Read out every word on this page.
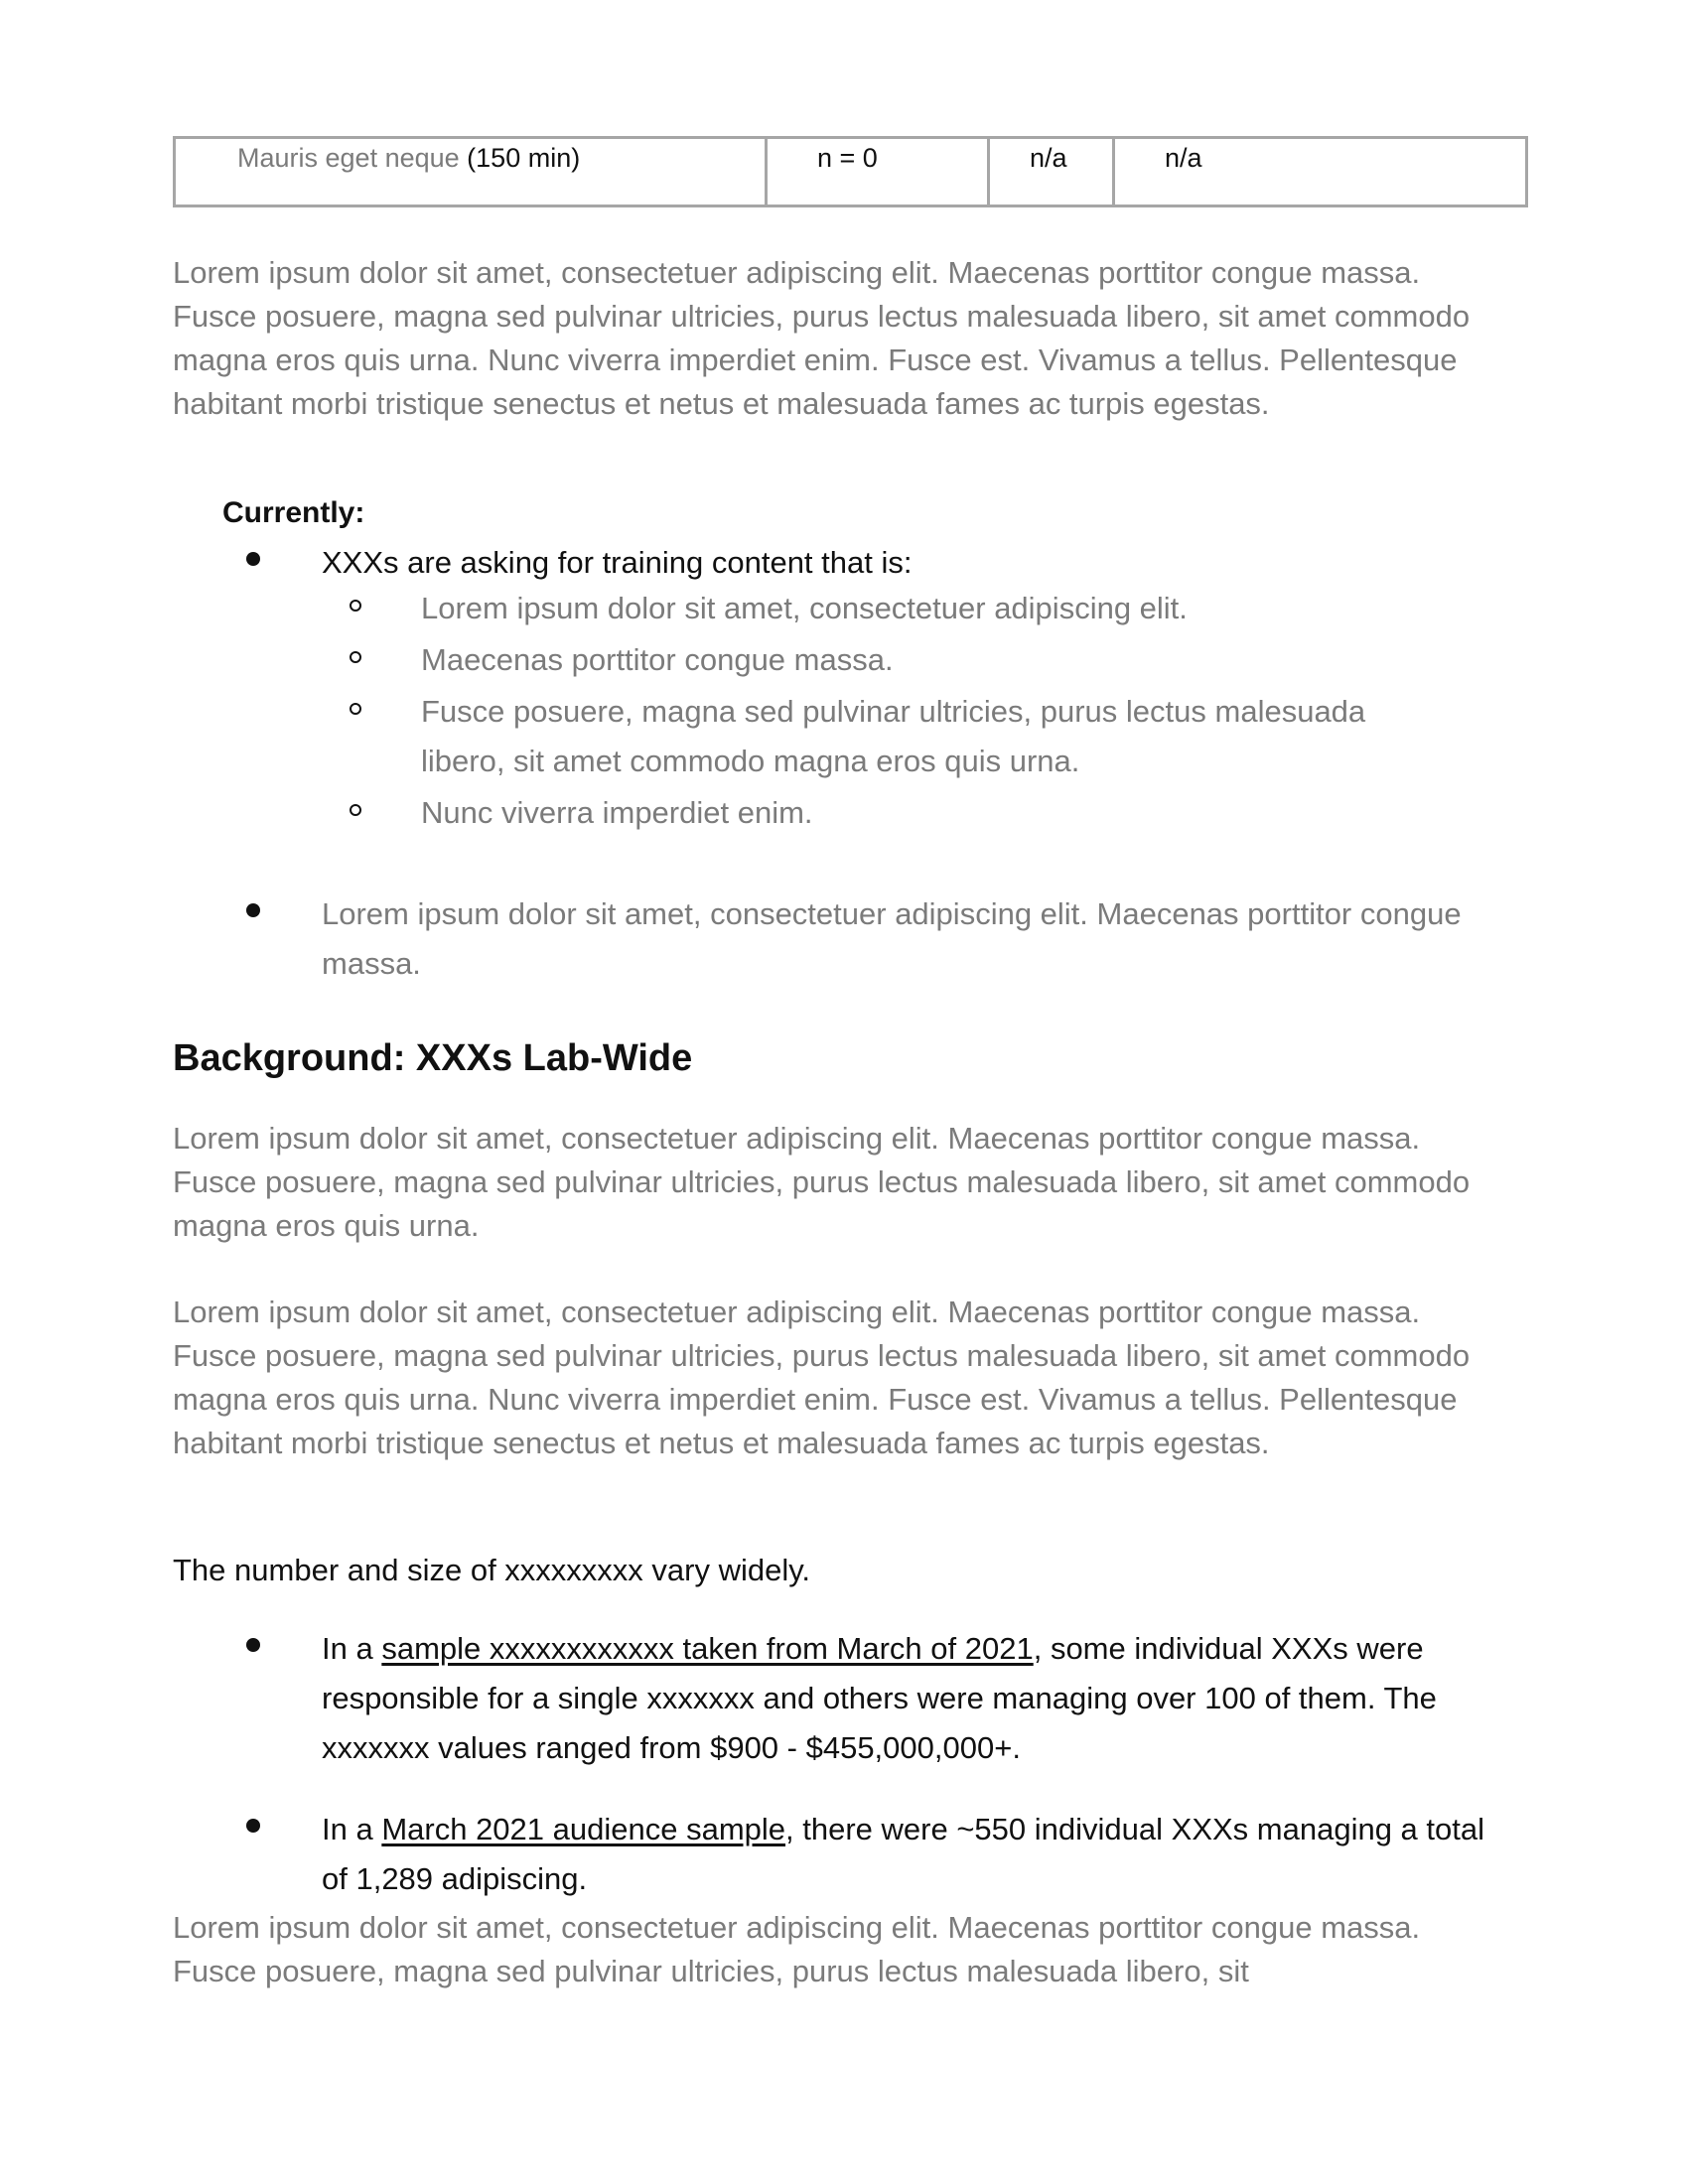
Mauris eget neque (150 min)	n = 0	n/a	n/a
Lorem ipsum dolor sit amet, consectetuer adipiscing elit. Maecenas porttitor congue massa. Fusce posuere, magna sed pulvinar ultricies, purus lectus malesuada libero, sit amet commodo magna eros quis urna. Nunc viverra imperdiet enim. Fusce est. Vivamus a tellus. Pellentesque habitant morbi tristique senectus et netus et malesuada fames ac turpis egestas.
Currently:
XXXs are asking for training content that is:
Lorem ipsum dolor sit amet, consectetuer adipiscing elit.
Maecenas porttitor congue massa.
Fusce posuere, magna sed pulvinar ultricies, purus lectus malesuada libero, sit amet commodo magna eros quis urna.
Nunc viverra imperdiet enim.
Lorem ipsum dolor sit amet, consectetuer adipiscing elit. Maecenas porttitor congue massa.
Background: XXXs Lab-Wide
Lorem ipsum dolor sit amet, consectetuer adipiscing elit. Maecenas porttitor congue massa. Fusce posuere, magna sed pulvinar ultricies, purus lectus malesuada libero, sit amet commodo magna eros quis urna.
Lorem ipsum dolor sit amet, consectetuer adipiscing elit. Maecenas porttitor congue massa. Fusce posuere, magna sed pulvinar ultricies, purus lectus malesuada libero, sit amet commodo magna eros quis urna. Nunc viverra imperdiet enim. Fusce est. Vivamus a tellus. Pellentesque habitant morbi tristique senectus et netus et malesuada fames ac turpis egestas.
The number and size of xxxxxxxxx vary widely.
In a sample xxxxxxxxxxxx taken from March of 2021, some individual XXXs were responsible for a single xxxxxxx and others were managing over 100 of them. The xxxxxxx values ranged from $900 - $455,000,000+.
In a March 2021 audience sample, there were ~550 individual XXXs managing a total of 1,289 adipiscing.
Lorem ipsum dolor sit amet, consectetuer adipiscing elit. Maecenas porttitor congue massa. Fusce posuere, magna sed pulvinar ultricies, purus lectus malesuada libero, sit
